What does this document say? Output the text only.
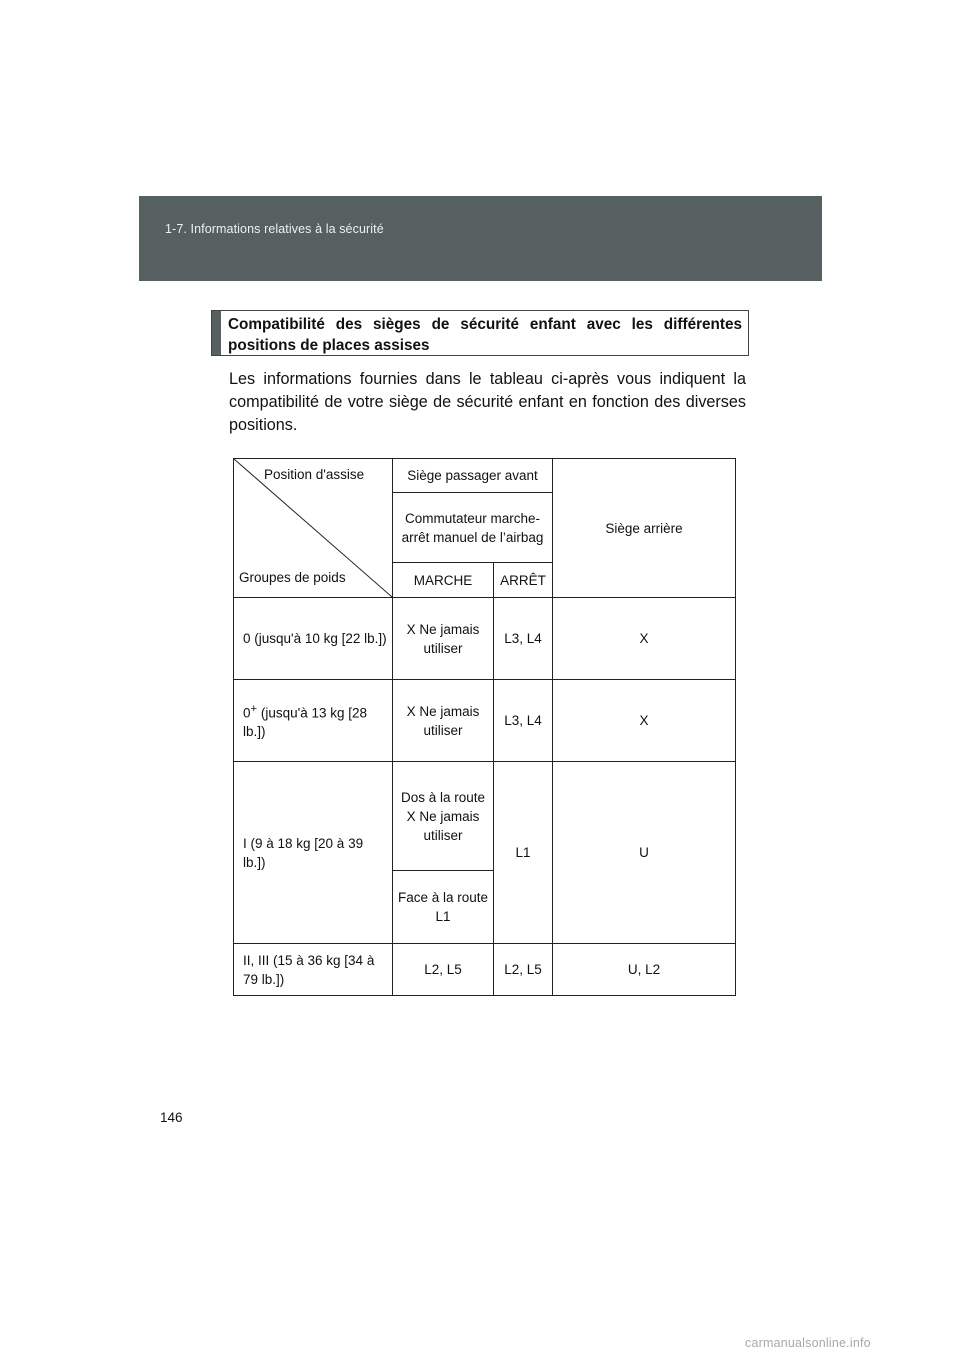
1-7. Informations relatives à la sécurité
Compatibilité des sièges de sécurité enfant avec les différentes positions de places assises
Les informations fournies dans le tableau ci-après vous indiquent la compatibilité de votre siège de sécurité enfant en fonction des diverses positions.
Position d'assise
Groupes de poids	Siège passager avant		Siège arrière
	Commutateur marche-arrêt manuel de l’airbag		
	MARCHE	ARRÊT	
0 (jusqu'à 10 kg [22 lb.])	X Ne jamais utiliser	L3, L4	X
0+ (jusqu'à 13 kg [28 lb.])	X Ne jamais utiliser	L3, L4	X
I (9 à 18 kg [20 à 39 lb.])	Dos à la route X Ne jamais utiliser	L1	U
	Face à la route L1		
II, III (15 à 36 kg [34 à 79 lb.])	L2, L5	L2, L5	U, L2
146
carmanualsonline.info
